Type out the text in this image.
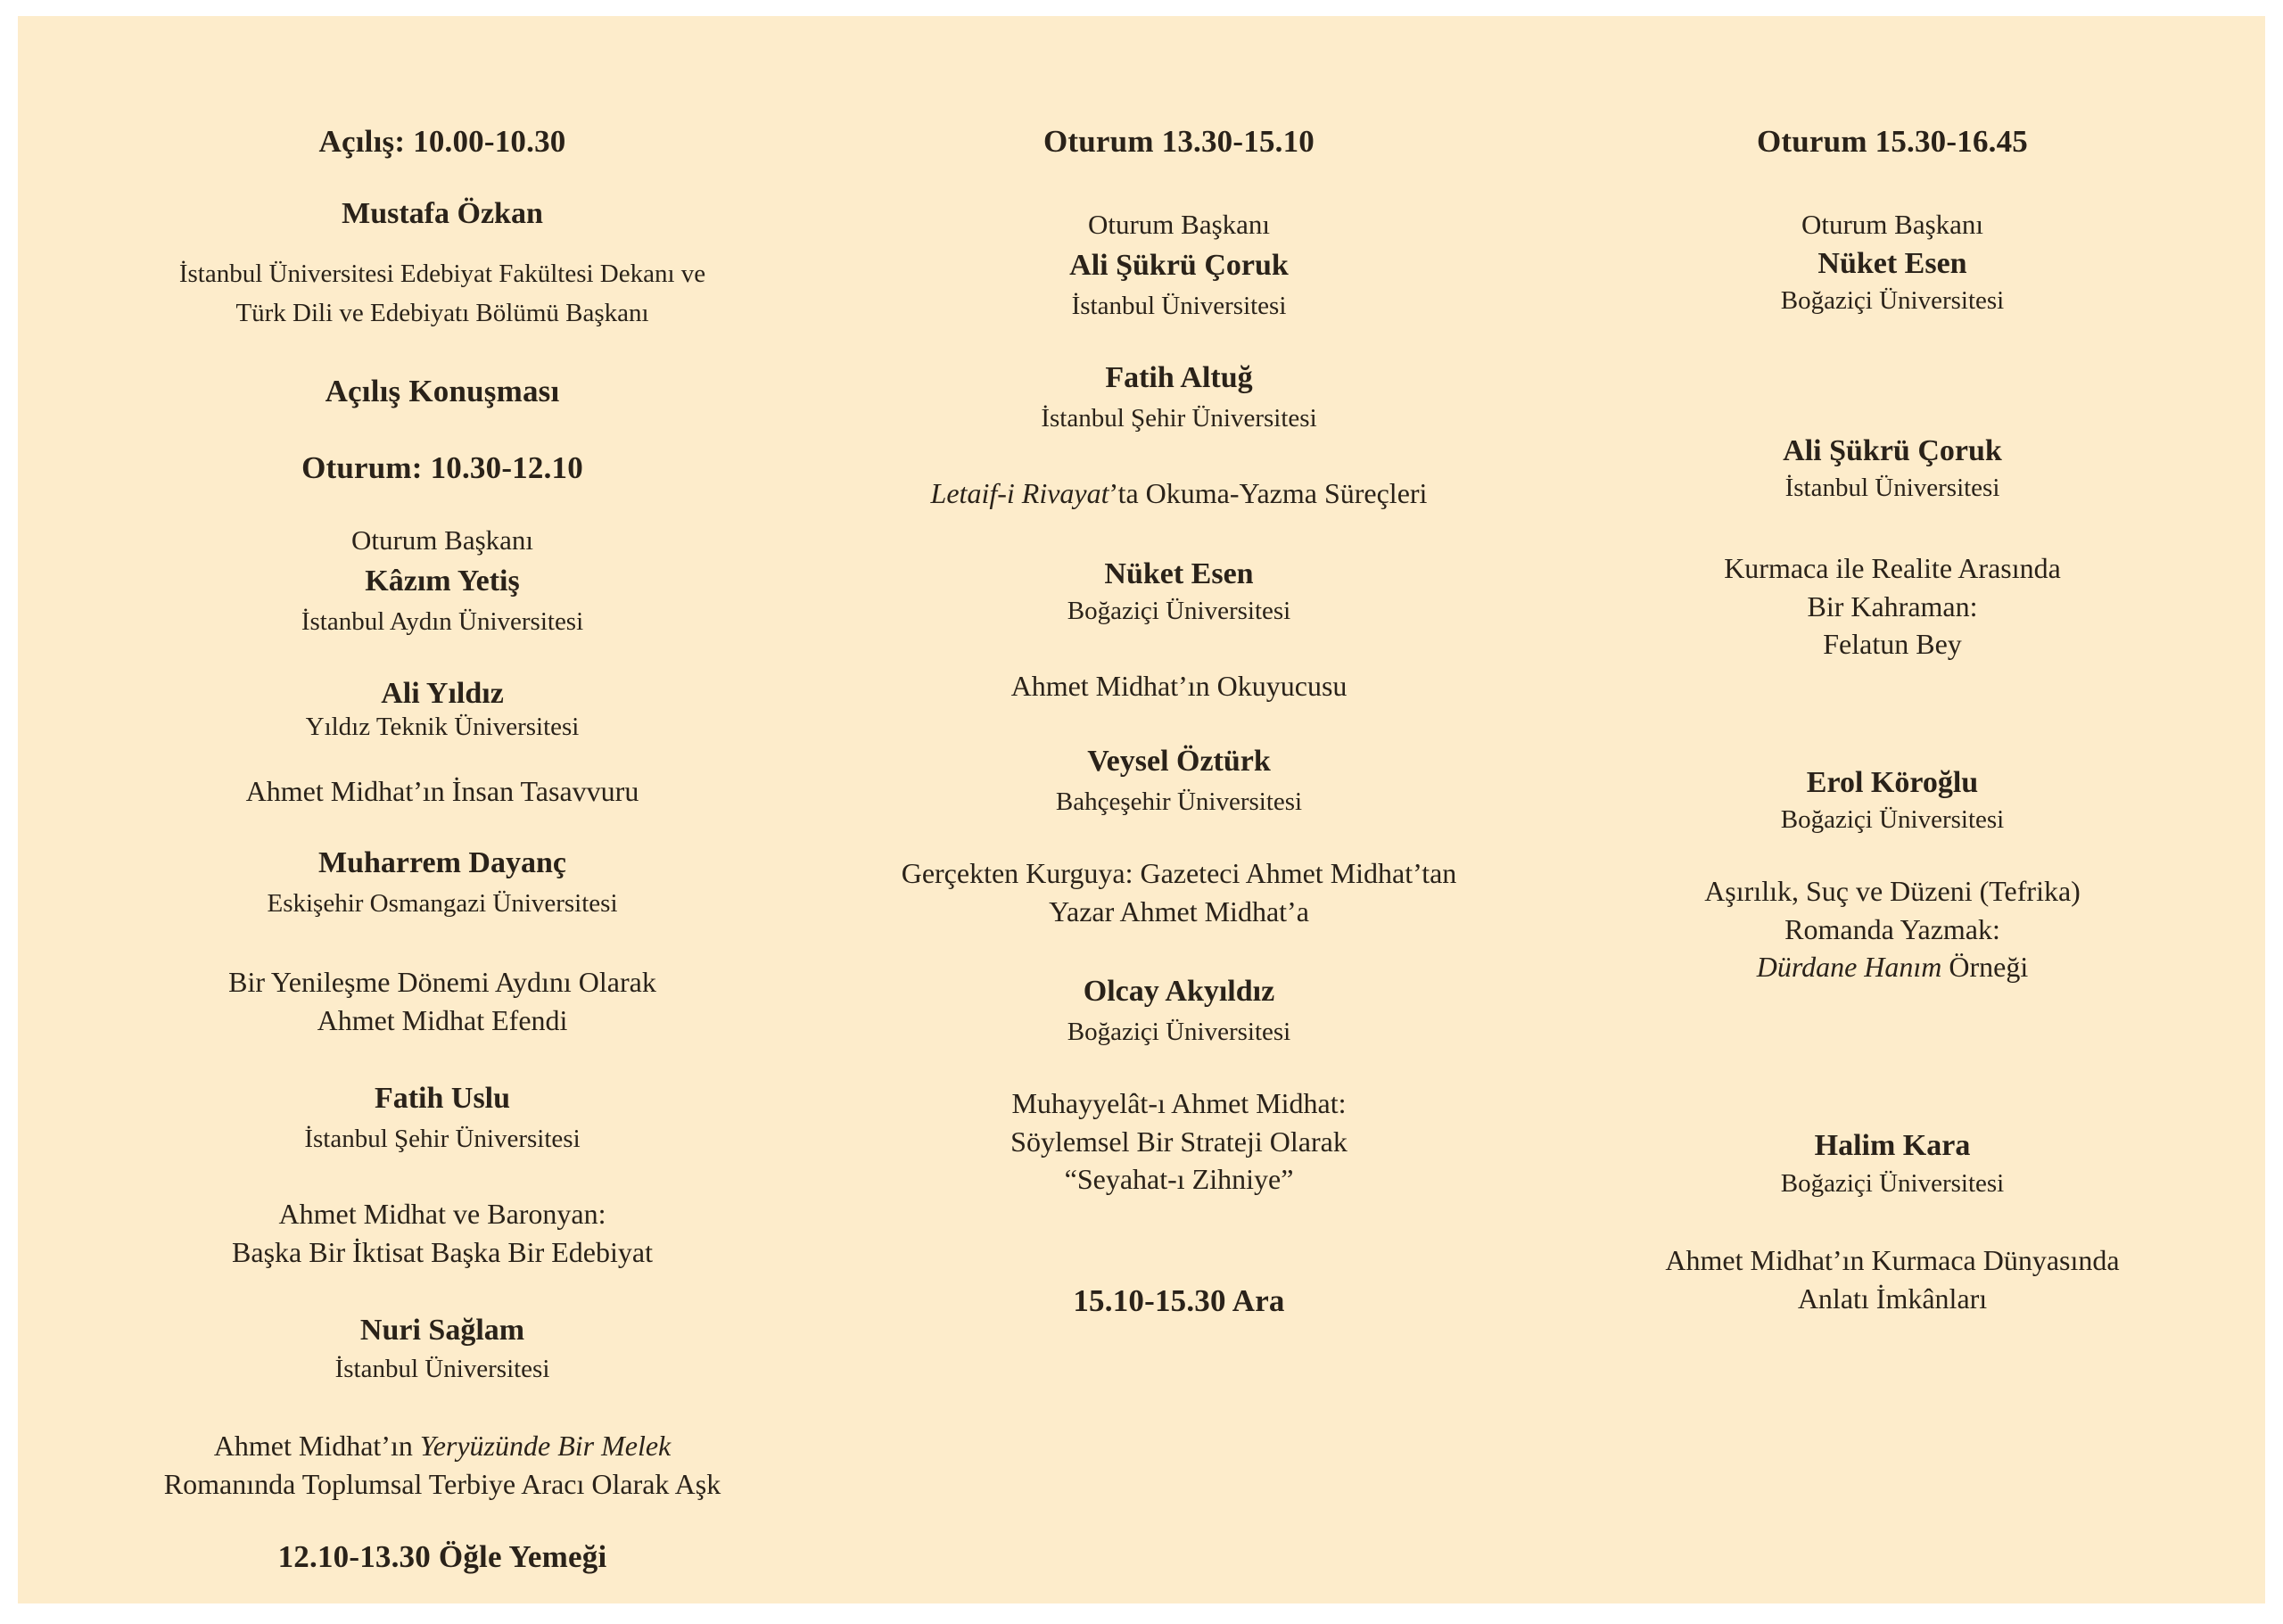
Açılış: 10.00-10.30
Mustafa Özkan
İstanbul Üniversitesi Edebiyat Fakültesi Dekanı ve
Türk Dili ve Edebiyatı Bölümü Başkanı
Açılış Konuşması
Oturum: 10.30-12.10
Oturum Başkanı
Kâzım Yetiş
İstanbul Aydın Üniversitesi
Ali Yıldız
Yıldız Teknik Üniversitesi
Ahmet Midhat’ın İnsan Tasavvuru
Muharrem Dayanç
Eskişehir Osmangazi Üniversitesi
Bir Yenileşme Dönemi Aydını Olarak
Ahmet Midhat Efendi
Fatih Uslu
İstanbul Şehir Üniversitesi
Ahmet Midhat ve Baronyan:
Başka Bir İktisat Başka Bir Edebiyat
Nuri Sağlam
İstanbul Üniversitesi
Ahmet Midhat’ın Yeryüzünde Bir Melek
Romanında Toplumsal Terbiye Aracı Olarak Aşk
12.10-13.30 Öğle Yemeği
Oturum 13.30-15.10
Oturum Başkanı
Ali Şükrü Çoruk
İstanbul Üniversitesi
Fatih Altuğ
İstanbul Şehir Üniversitesi
Letaif-i Rivayat’ta Okuma-Yazma Süreçleri
Nüket Esen
Boğaziçi Üniversitesi
Ahmet Midhat’ın Okuyucusu
Veysel Öztürk
Bahçeşehir Üniversitesi
Gerçekten Kurguya: Gazeteci Ahmet Midhat’tan
Yazar Ahmet Midhat’a
Olcay Akyıldız
Boğaziçi Üniversitesi
Muhayyelât-ı Ahmet Midhat:
Söylemsel Bir Strateji Olarak
“Seyahat-ı Zihniye”
15.10-15.30 Ara
Oturum 15.30-16.45
Oturum Başkanı
Nüket Esen
Boğaziçi Üniversitesi
Ali Şükrü Çoruk
İstanbul Üniversitesi
Kurmaca ile Realite Arasında
Bir Kahraman:
Felatun Bey
Erol Köroğlu
Boğaziçi Üniversitesi
Aşırılık, Suç ve Düzeni (Tefrika)
Romanda Yazmak:
Dürdane Hanım Örneği
Halim Kara
Boğaziçi Üniversitesi
Ahmet Midhat’ın Kurmaca Dünyasında
Anlatı İmkânları
